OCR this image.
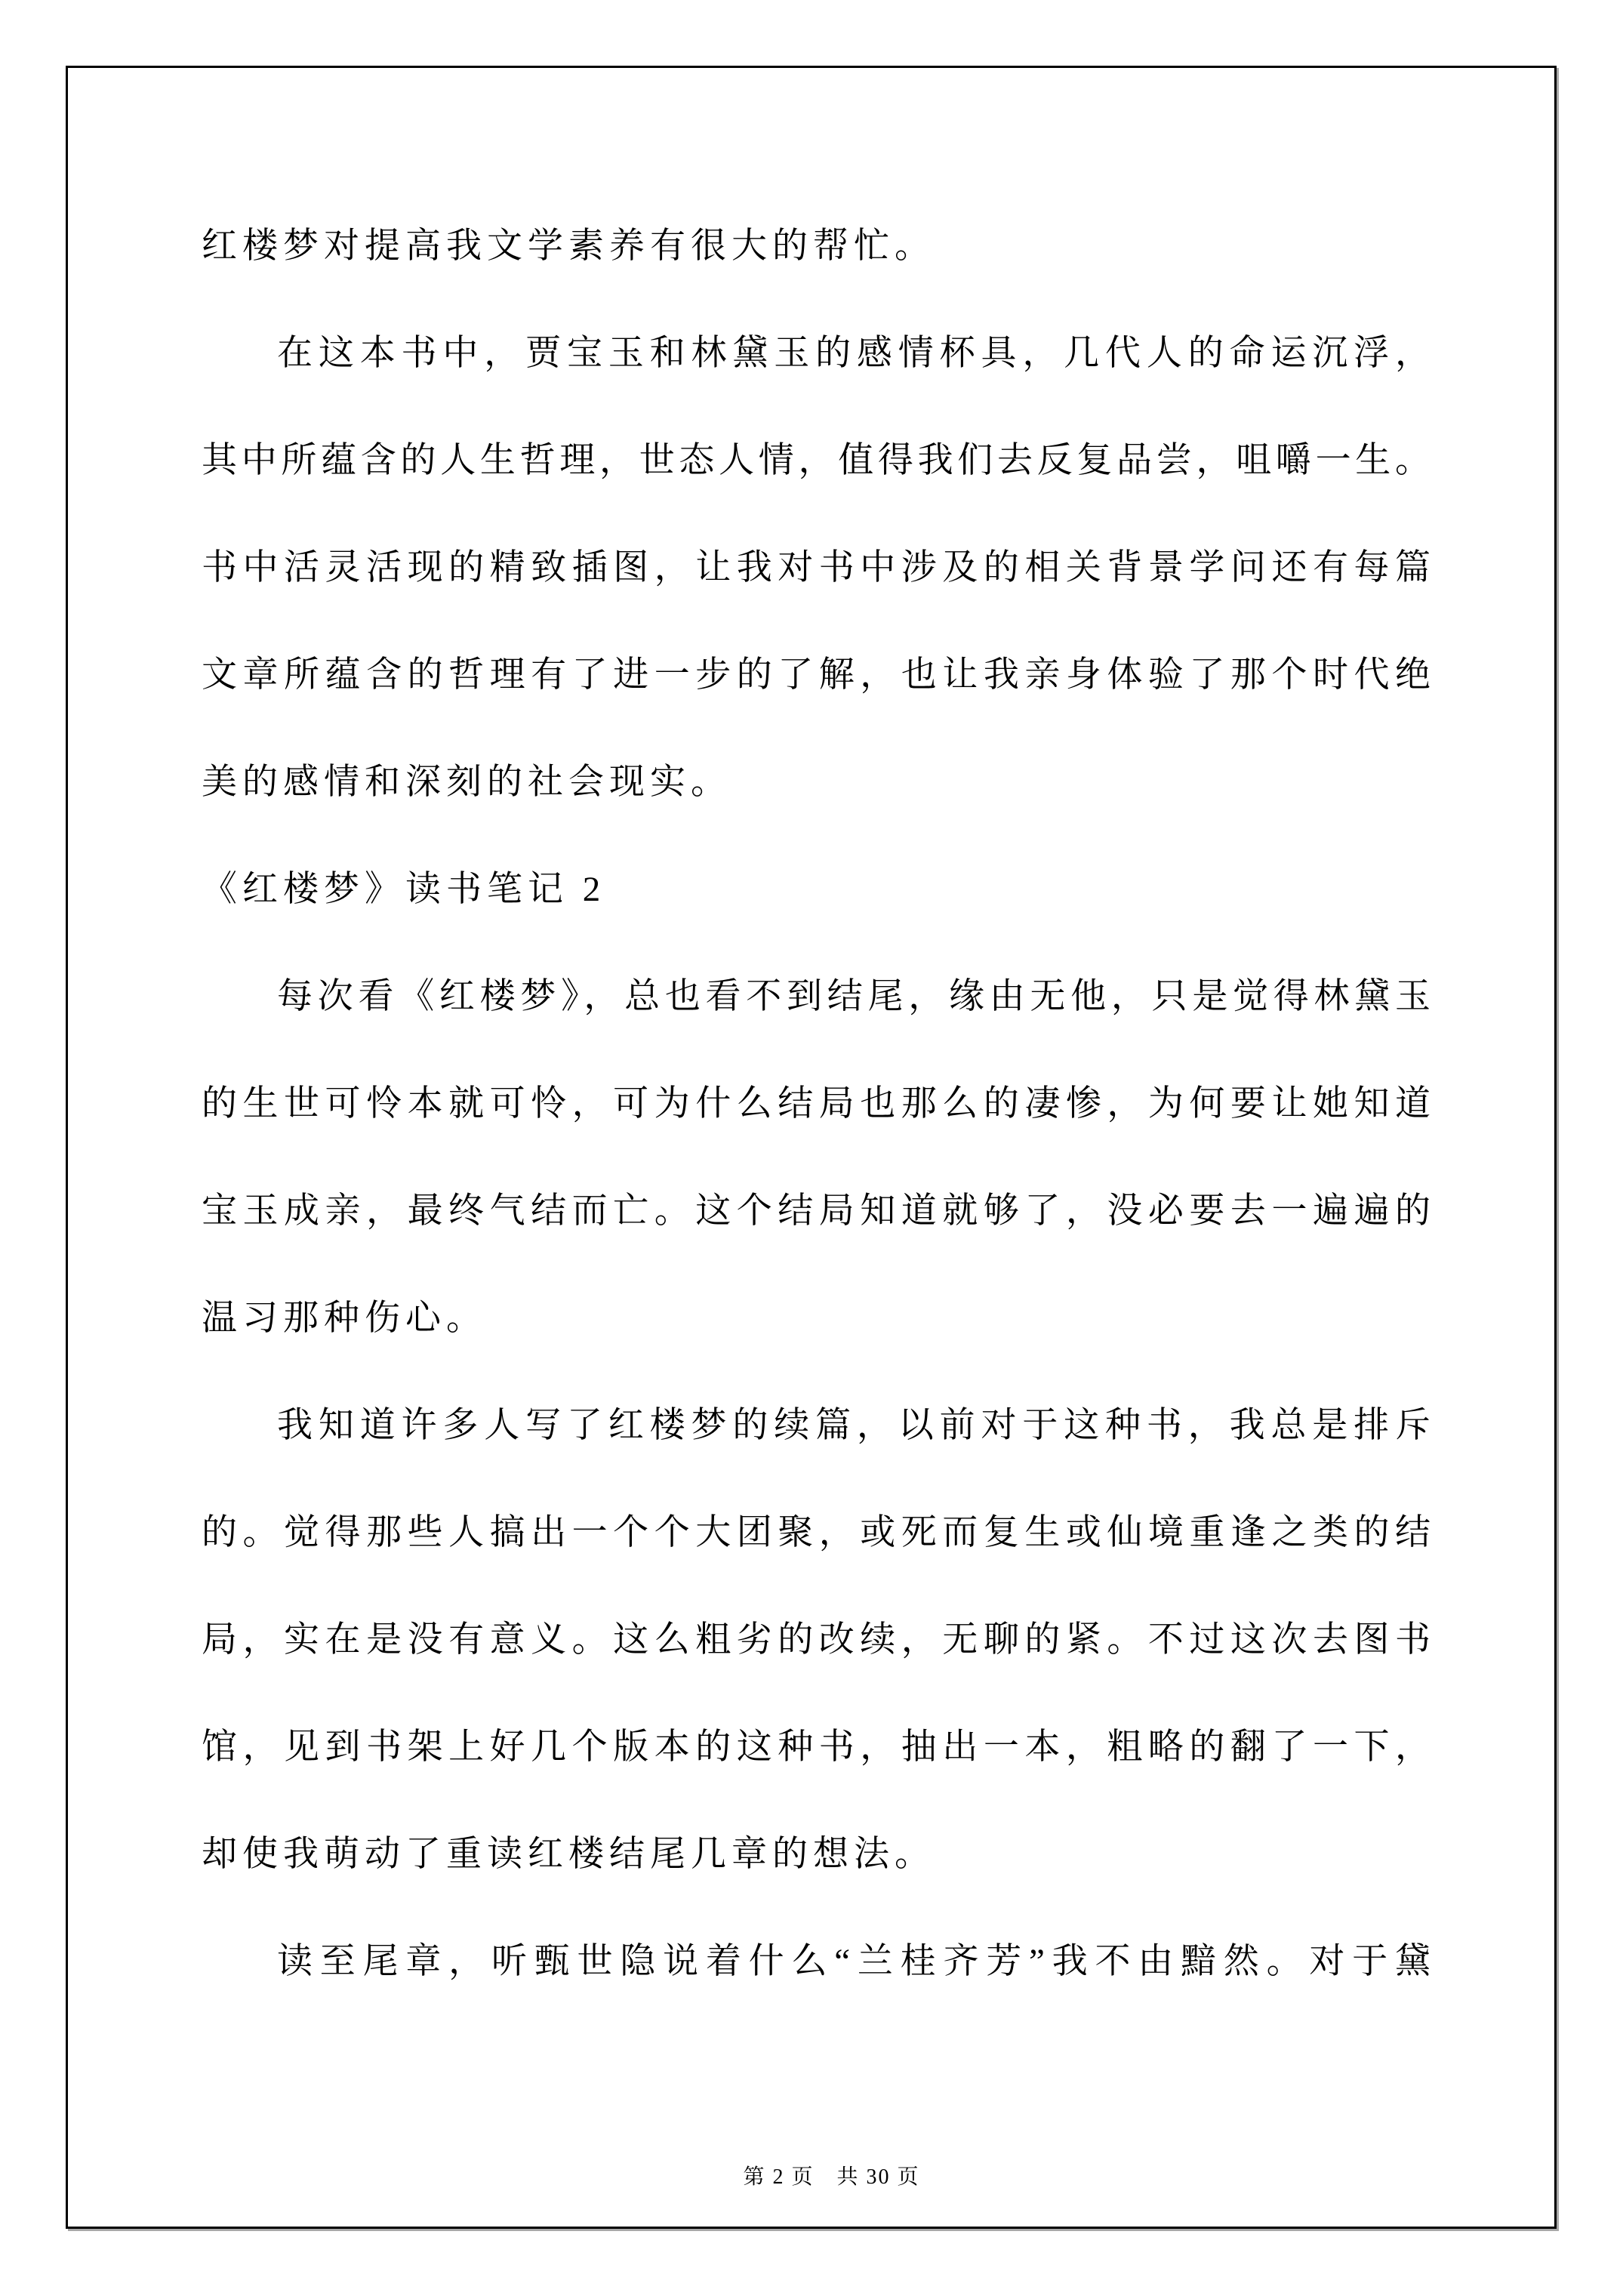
红楼梦对提高我文学素养有很大的帮忙。
在这本书中，贾宝玉和林黛玉的感情杯具，几代人的命运沉浮，
其中所蕴含的人生哲理，世态人情，值得我们去反复品尝，咀嚼一生。
书中活灵活现的精致插图，让我对书中涉及的相关背景学问还有每篇
文章所蕴含的哲理有了进一步的了解，也让我亲身体验了那个时代绝
美的感情和深刻的社会现实。
《红楼梦》读书笔记 2
每次看《红楼梦》，总也看不到结尾，缘由无他，只是觉得林黛玉
的生世可怜本就可怜，可为什么结局也那么的凄惨，为何要让她知道
宝玉成亲，最终气结而亡。这个结局知道就够了，没必要去一遍遍的
温习那种伤心。
我知道许多人写了红楼梦的续篇，以前对于这种书，我总是排斥
的。觉得那些人搞出一个个大团聚，或死而复生或仙境重逢之类的结
局，实在是没有意义。这么粗劣的改续，无聊的紧。不过这次去图书
馆，见到书架上好几个版本的这种书，抽出一本，粗略的翻了一下，
却使我萌动了重读红楼结尾几章的想法。
读至尾章，听甄世隐说着什么“兰桂齐芳”我不由黯然。对于黛

第 2 页　共 30 页
